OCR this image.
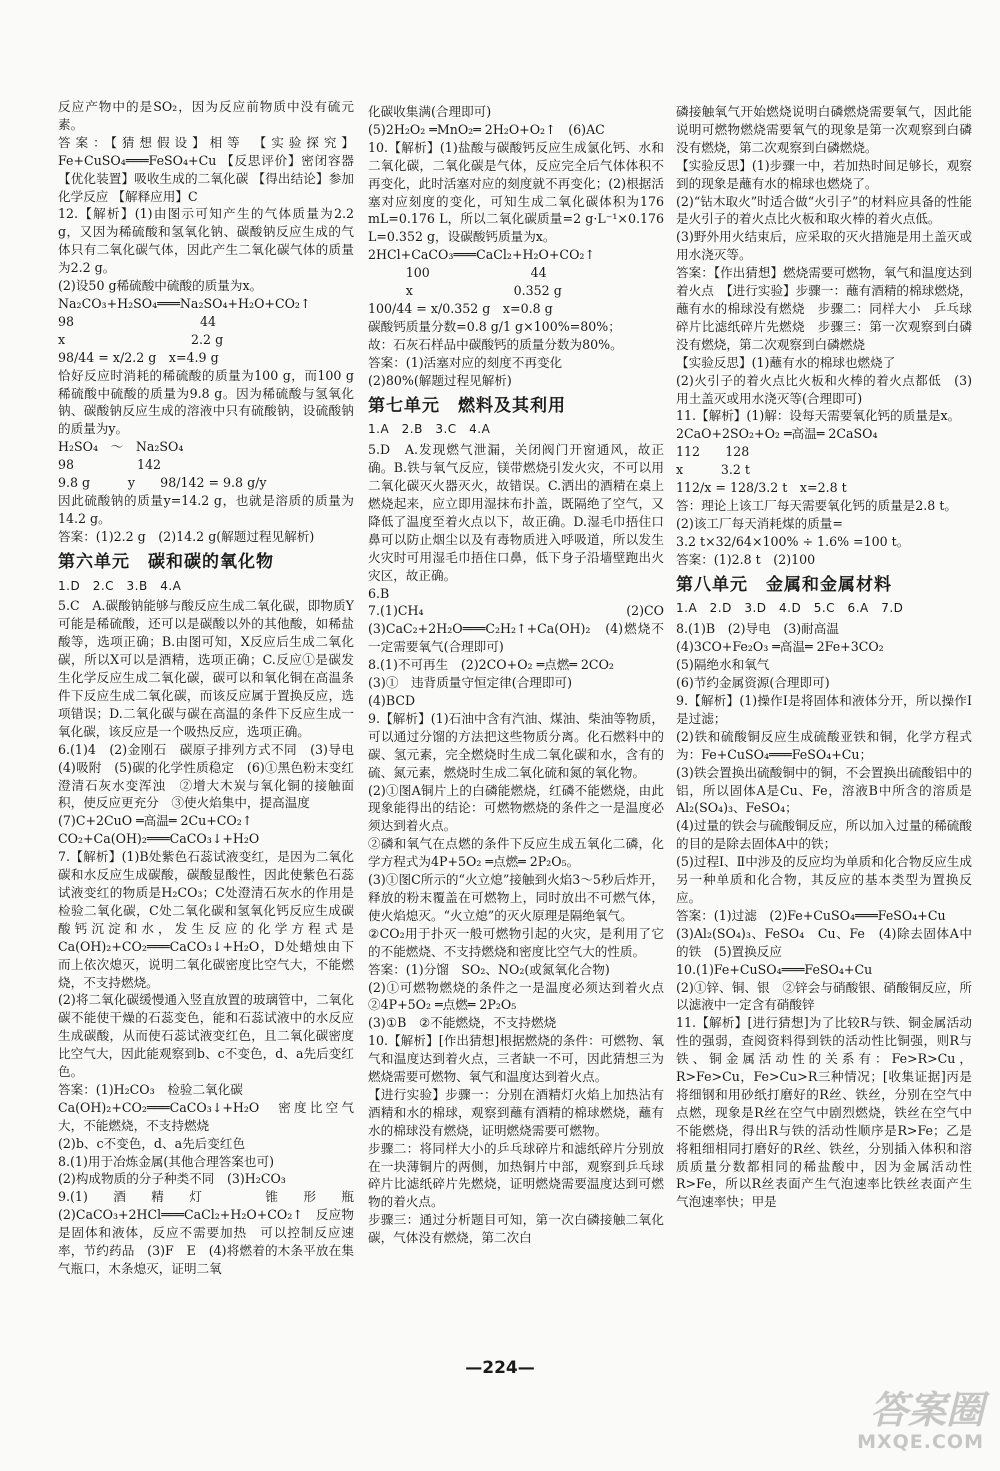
反应产物中的是SO₂，因为反应前物质中没有硫元素。

答案：【猜想假设】相等 【实验探究】Fe+CuSO₄═══FeSO₄+Cu 【反思评价】密闭容器 【优化装置】吸收生成的二氧化碳 【得出结论】参加化学反应 【解释应用】C

12.【解析】(1)由图示可知产生的气体质量为2.2 g，又因为稀硫酸和氢氧化钠、碳酸钠反应生成的气体只有二氧化碳气体，因此产生二氧化碳气体的质量为2.2 g。

(2)设50 g稀硫酸中硫酸的质量为x。

Na₂CO₃+H₂SO₄═══Na₂SO₄+H₂O+CO₂↑

98　　　　　　　　　　44

x　　　　　　　　　　2.2 g

98/44 = x/2.2 g　x=4.9 g

恰好反应时消耗的稀硫酸的质量为100 g，而100 g稀硫酸中硫酸的质量为9.8 g。因为稀硫酸与氢氧化钠、碳酸钠反应生成的溶液中只有硫酸钠，设硫酸钠的质量为y。

H₂SO₄　～　Na₂SO₄

98　　　　　142

9.8 g　　　y　　98/142 = 9.8 g/y

因此硫酸钠的质量y=14.2 g，也就是溶质的质量为14.2 g。

答案：(1)2.2 g　(2)14.2 g(解题过程见解析)

第六单元　碳和碳的氧化物

1.D　2.C　3.B　4.A

5.C　A.碳酸钠能够与酸反应生成二氧化碳，即物质Y可能是稀硫酸，还可以是碳酸以外的其他酸，如稀盐酸等，选项正确；B.由图可知，X反应后生成二氧化碳，所以X可以是酒精，选项正确；C.反应①是碳发生化学反应生成二氧化碳，碳可以和氧化铜在高温条件下反应生成二氧化碳，而该反应属于置换反应，选项错误；D.二氧化碳与碳在高温的条件下反应生成一氧化碳，该反应是一个吸热反应，选项正确。

6.(1)4　(2)金刚石　碳原子排列方式不同　(3)导电　(4)吸附　(5)碳的化学性质稳定　(6)①黑色粉末变红　澄清石灰水变浑浊　②增大木炭与氧化铜的接触面积，使反应更充分　③使火焰集中，提高温度

(7)C+2CuO ═高温═ 2Cu+CO₂↑

CO₂+Ca(OH)₂═══CaCO₃↓+H₂O

7.【解析】(1)B处紫色石蕊试液变红，是因为二氧化碳和水反应生成碳酸，碳酸显酸性，因此使紫色石蕊试液变红的物质是H₂CO₃；C处澄清石灰水的作用是检验二氧化碳，C处二氧化碳和氢氧化钙反应生成碳酸钙沉淀和水，发生反应的化学方程式是Ca(OH)₂+CO₂═══CaCO₃↓+H₂O，D处蜡烛由下而上依次熄灭，说明二氧化碳密度比空气大，不能燃烧，不支持燃烧。

(2)将二氧化碳缓慢通入竖直放置的玻璃管中，二氧化碳不能使干燥的石蕊变色，能和石蕊试液中的水反应生成碳酸，从而使石蕊试液变红色，且二氧化碳密度比空气大，因此能观察到b、c不变色，d、a先后变红色。

答案：(1)H₂CO₃　检验二氧化碳

Ca(OH)₂+CO₂═══CaCO₃↓+H₂O　密度比空气大，不能燃烧，不支持燃烧

(2)b、c不变色，d、a先后变红色

8.(1)用于冶炼金属(其他合理答案也可)

(2)构成物质的分子种类不同　(3)H₂CO₃

9.(1)酒精灯　锥形瓶　(2)CaCO₃+2HCl═══CaCl₂+H₂O+CO₂↑　反应物是固体和液体，反应不需要加热　可以控制反应速率，节约药品　(3)F　E　(4)将燃着的木条平放在集气瓶口，木条熄灭，证明二氧

化碳收集满(合理即可)

(5)2H₂O₂ ═MnO₂═ 2H₂O+O₂↑　(6)AC

10.【解析】(1)盐酸与碳酸钙反应生成氯化钙、水和二氧化碳，二氧化碳是气体，反应完全后气体体积不再变化，此时活塞对应的刻度就不再变化；(2)根据活塞对应刻度的变化，可知生成二氧化碳体积为176 mL=0.176 L，所以二氧化碳质量=2 g·L⁻¹×0.176 L=0.352 g，设碳酸钙质量为x。

2HCl+CaCO₃═══CaCl₂+H₂O+CO₂↑

　　　100　　　　　　　　44

　　　x　　　　　　　　0.352 g

100/44 = x/0.352 g　x=0.8 g

碳酸钙质量分数=0.8 g/1 g×100%=80%；

故：石灰石样品中碳酸钙的质量分数为80%。

答案：(1)活塞对应的刻度不再变化

(2)80%(解题过程见解析)

第七单元　燃料及其利用

1.A　2.B　3.C　4.A

5.D　A.发现燃气泄漏，关闭阀门开窗通风，故正确。B.铁与氧气反应，镁带燃烧引发火灾，不可以用二氧化碳灭火器灭火，故错误。C.洒出的酒精在桌上燃烧起来，应立即用湿抹布扑盖，既隔绝了空气，又降低了温度至着火点以下，故正确。D.湿毛巾捂住口鼻可以防止烟尘以及有毒物质进入呼吸道，所以发生火灾时可用湿毛巾捂住口鼻，低下身子沿墙壁跑出火灾区，故正确。

6.B

7.(1)CH₄　(2)CO　(3)CaC₂+2H₂O═══C₂H₂↑+Ca(OH)₂　(4)燃烧不一定需要氧气(合理即可)

8.(1)不可再生　(2)2CO+O₂ ═点燃═ 2CO₂

(3)①　违背质量守恒定律(合理即可)

(4)BCD

9.【解析】(1)石油中含有汽油、煤油、柴油等物质，可以通过分馏的方法把这些物质分离。化石燃料中的碳、氢元素，完全燃烧时生成二氧化碳和水，含有的硫、氮元素，燃烧时生成二氧化硫和氮的氧化物。

(2)①图A铜片上的白磷能燃烧，红磷不能燃烧，由此现象能得出的结论：可燃物燃烧的条件之一是温度必须达到着火点。

②磷和氧气在点燃的条件下反应生成五氧化二磷，化学方程式为4P+5O₂ ═点燃═ 2P₂O₅。

(3)①图C所示的“火立熄”接触到火焰3～5秒后炸开，释放的粉末覆盖在可燃物上，同时放出不可燃气体，使火焰熄灭。“火立熄”的灭火原理是隔绝氧气。

②CO₂用于扑灭一般可燃物引起的火灾，是利用了它的不能燃烧、不支持燃烧和密度比空气大的性质。

答案：(1)分馏　SO₂、NO₂(或氮氧化合物)

(2)①可燃物燃烧的条件之一是温度必须达到着火点　②4P+5O₂ ═点燃═ 2P₂O₅

(3)①B　②不能燃烧，不支持燃烧

10.【解析】[作出猜想]根据燃烧的条件：可燃物、氧气和温度达到着火点，三者缺一不可，因此猜想三为燃烧需要可燃物、氧气和温度达到着火点。

【进行实验】步骤一：分别在酒精灯火焰上加热沾有酒精和水的棉球，观察到蘸有酒精的棉球燃烧，蘸有水的棉球没有燃烧，证明燃烧需要可燃物。

步骤二：将同样大小的乒乓球碎片和滤纸碎片分别放在一块薄铜片的两侧，加热铜片中部，观察到乒乓球碎片比滤纸碎片先燃烧，证明燃烧需要温度达到可燃物的着火点。

步骤三：通过分析题目可知，第一次白磷接触二氧化碳，气体没有燃烧，第二次白

磷接触氧气开始燃烧说明白磷燃烧需要氧气，因此能说明可燃物燃烧需要氧气的现象是第一次观察到白磷没有燃烧，第二次观察到白磷燃烧。

【实验反思】(1)步骤一中，若加热时间足够长，观察到的现象是蘸有水的棉球也燃烧了。

(2)“钻木取火”时适合做“火引子”的材料应具备的性能是火引子的着火点比火板和取火棒的着火点低。

(3)野外用火结束后，应采取的灭火措施是用土盖灭或用水浇灭等。

答案：【作出猜想】燃烧需要可燃物，氧气和温度达到着火点　【进行实验】步骤一：蘸有酒精的棉球燃烧，蘸有水的棉球没有燃烧　步骤二：同样大小　乒乓球碎片比滤纸碎片先燃烧　步骤三：第一次观察到白磷没有燃烧，第二次观察到白磷燃烧

【实验反思】(1)蘸有水的棉球也燃烧了

(2)火引子的着火点比火板和火棒的着火点都低　(3)用土盖灭或用水浇灭等(合理即可)

11.【解析】(1)解：设每天需要氧化钙的质量是x。

2CaO+2SO₂+O₂ ═高温═ 2CaSO₄

112　　128

x　　　3.2 t

112/x = 128/3.2 t　x=2.8 t

答：理论上该工厂每天需要氧化钙的质量是2.8 t。

(2)该工厂每天消耗煤的质量=

3.2 t×32/64×100% ÷ 1.6% =100 t。

答案：(1)2.8 t　(2)100

第八单元　金属和金属材料

1.A　2.D　3.D　4.D　5.C　6.A　7.D

8.(1)B　(2)导电　(3)耐高温

(4)3CO+Fe₂O₃ ═高温═ 2Fe+3CO₂

(5)隔绝水和氧气

(6)节约金属资源(合理即可)

9.【解析】(1)操作Ⅰ是将固体和液体分开，所以操作Ⅰ是过滤；

(2)铁和硫酸铜反应生成硫酸亚铁和铜，化学方程式为：Fe+CuSO₄═══FeSO₄+Cu；

(3)铁会置换出硫酸铜中的铜，不会置换出硫酸铝中的铝，所以固体A是Cu、Fe，溶液B中所含的溶质是Al₂(SO₄)₃、FeSO₄；

(4)过量的铁会与硫酸铜反应，所以加入过量的稀硫酸的目的是除去固体A中的铁；

(5)过程Ⅰ、Ⅱ中涉及的反应均为单质和化合物反应生成另一种单质和化合物，其反应的基本类型为置换反应。

答案：(1)过滤　(2)Fe+CuSO₄═══FeSO₄+Cu

(3)Al₂(SO₄)₃、FeSO₄　Cu、Fe　(4)除去固体A中的铁　(5)置换反应

10.(1)Fe+CuSO₄═══FeSO₄+Cu

(2)①锌、铜、银　②锌会与硝酸银、硝酸铜反应，所以滤液中一定含有硝酸锌

11.【解析】[进行猜想]为了比较R与铁、铜金属活动性的强弱，查阅资料得到铁的活动性比铜强，则R与铁、铜金属活动性的关系有：Fe>R>Cu，R>Fe>Cu，Fe>Cu>R三种情况；[收集证据]丙是将细钢和用砂纸打磨好的R丝、铁丝，分别在空气中点燃，现象是R丝在空气中剧烈燃烧，铁丝在空气中不能燃烧，得出R与铁的活动性顺序是R>Fe；乙是将粗细相同打磨好的R丝、铁丝，分别插入体积和溶质质量分数都相同的稀盐酸中，因为金属活动性R>Fe，所以R丝表面产生气泡速率比铁丝表面产生气泡速率快；甲是

—224—
答案圈
MXQE.COM
